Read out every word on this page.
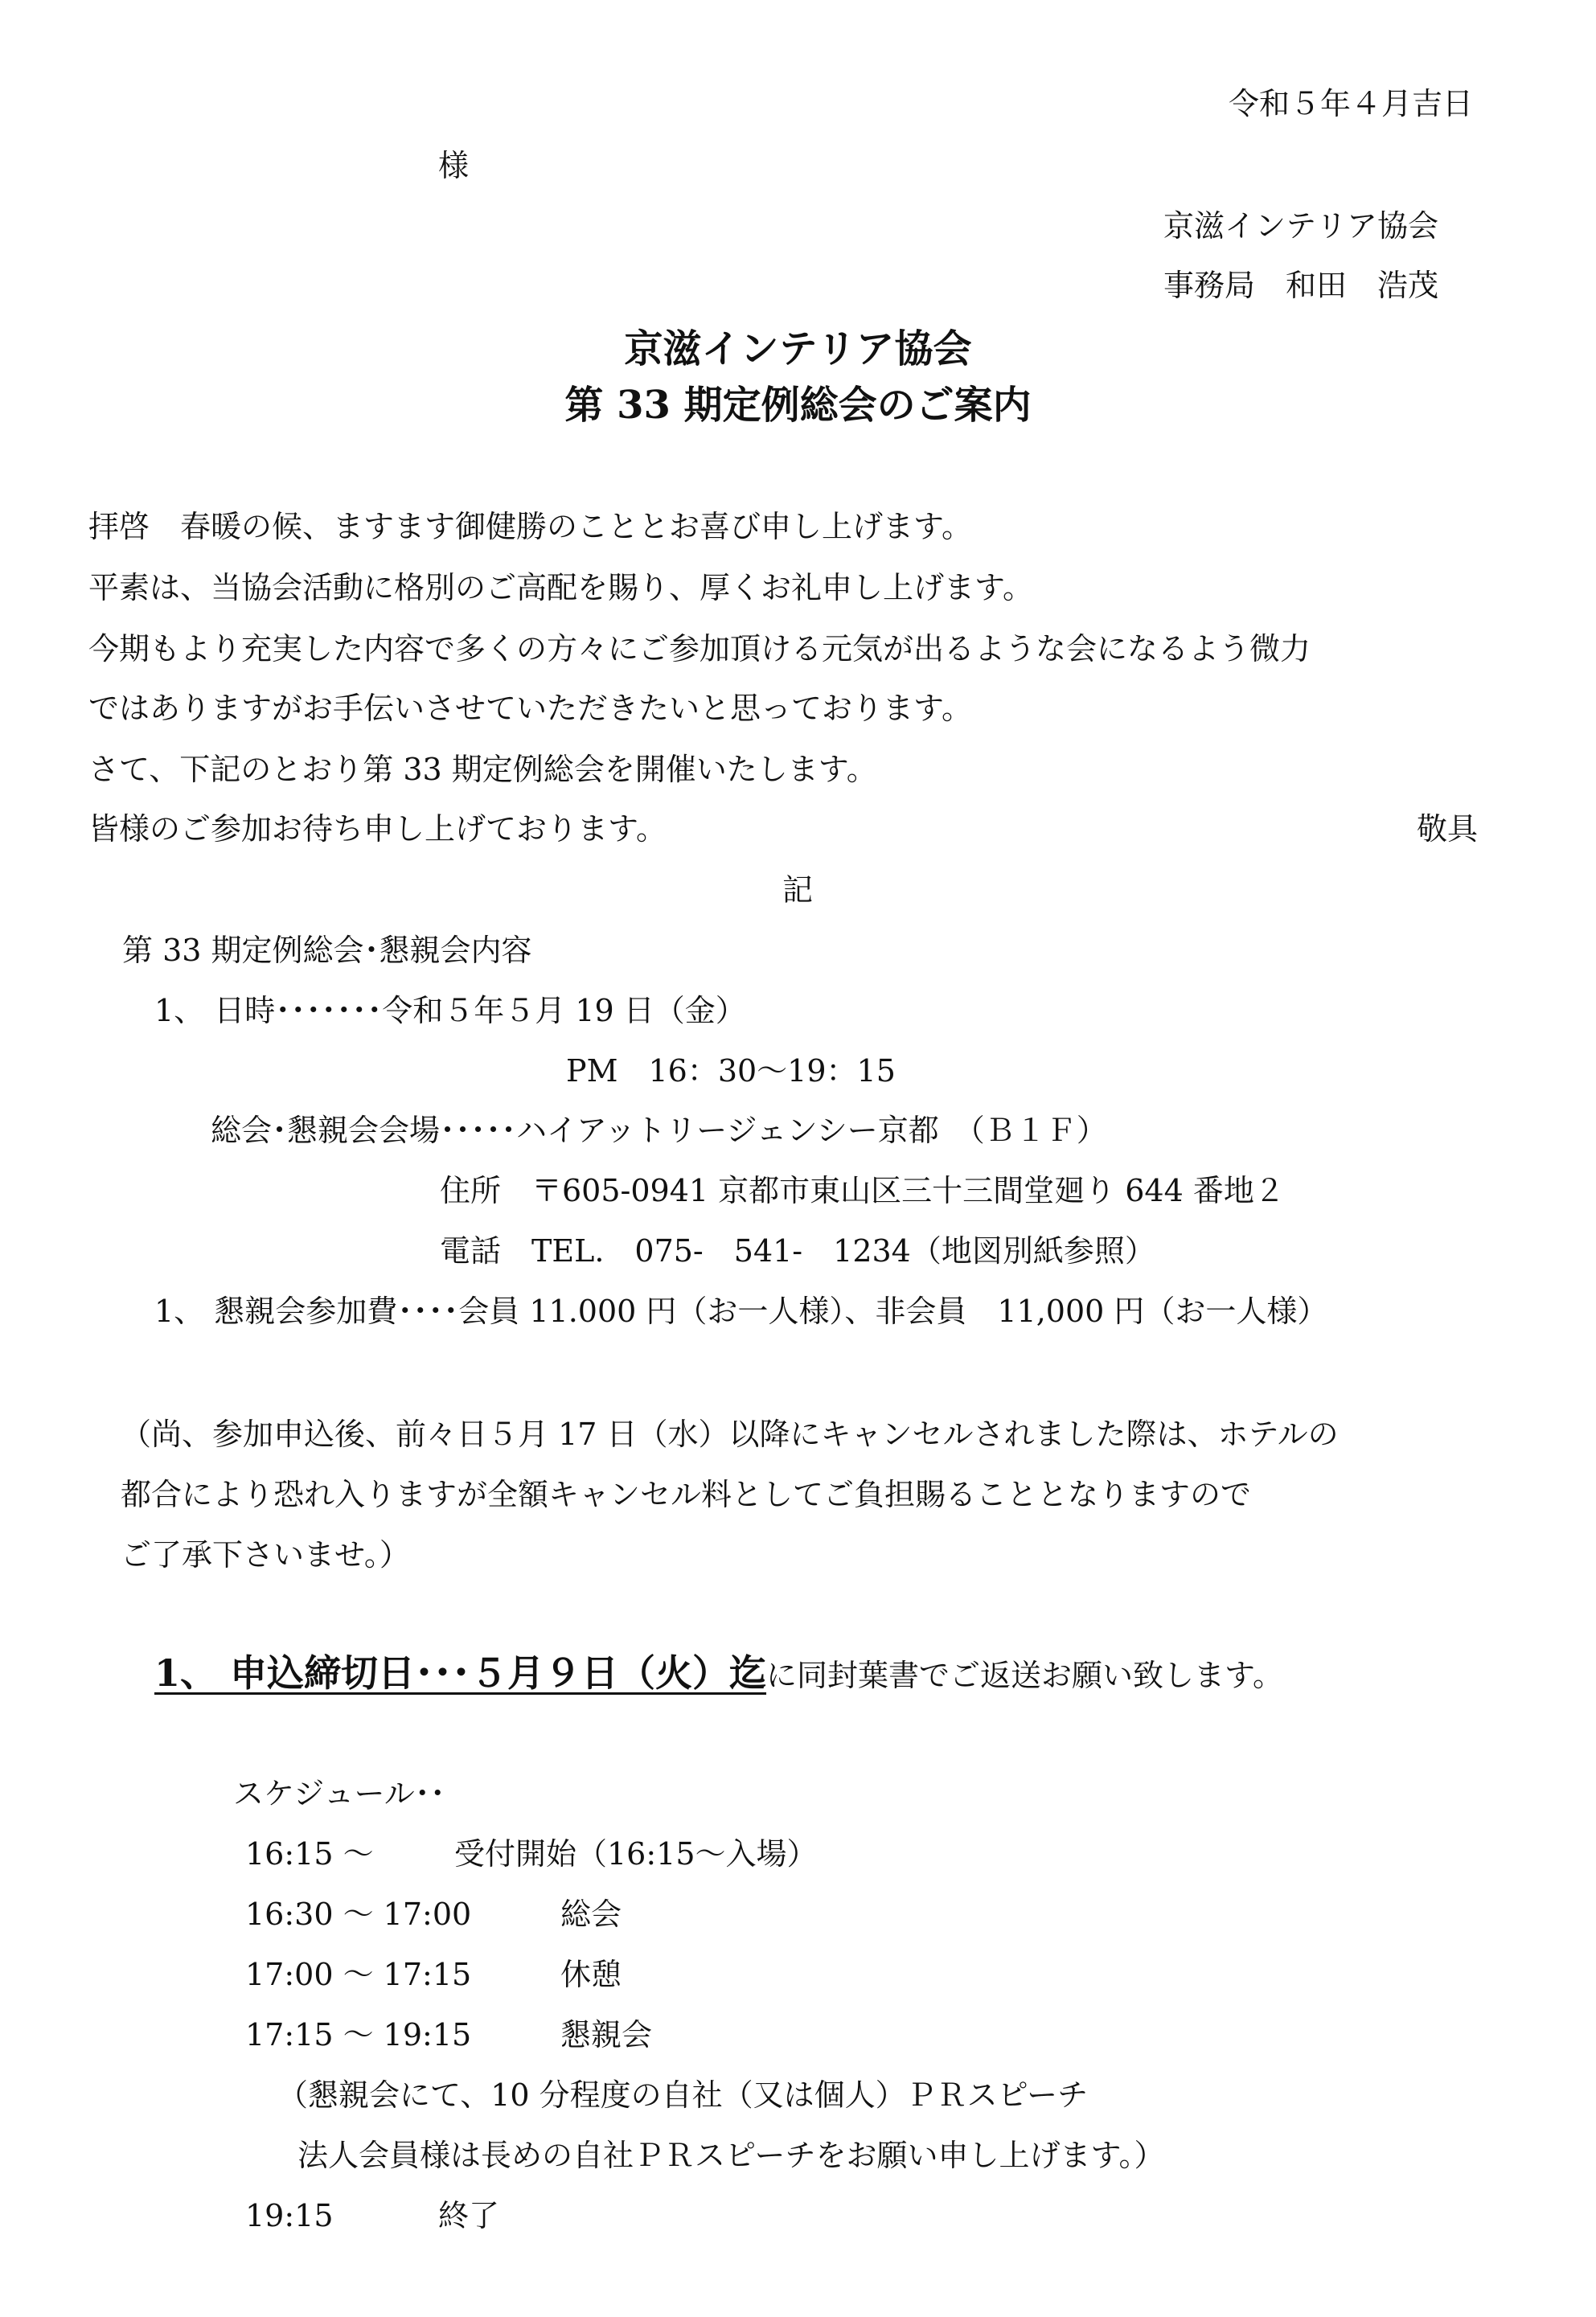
令和５年４月吉日
様
京滋インテリア協会
事務局　和田　浩茂
京滋インテリア協会
第 33 期定例総会のご案内
拝啓　春暖の候、ますます御健勝のこととお喜び申し上げます。
平素は、当協会活動に格別のご高配を賜り、厚くお礼申し上げます。
今期もより充実した内容で多くの方々にご参加頂ける元気が出るような会になるよう微力
ではありますがお手伝いさせていただきたいと思っております。
さて、下記のとおり第 33 期定例総会を開催いたします。
皆様のご参加お待ち申し上げております。	敬具
記
第 33 期定例総会･懇親会内容
1、 日時･･･････令和５年５月 19 日（金）
PM　16：30～19：15
総会･懇親会会場･････ハイアットリージェンシー京都　（Ｂ１Ｆ）
住所　〒605-0941 京都市東山区三十三間堂廻り 644 番地２
電話　TEL.　075-　541-　1234（地図別紙参照）
1、 懇親会参加費････会員 11.000 円（お一人様）、非会員　11,000 円（お一人様）
（尚、参加申込後、前々日５月 17 日（水）以降にキャンセルされました際は、ホテルの
都合により恐れ入りますが全額キャンセル料としてご負担賜ることとなりますので
ご了承下さいませ。）
1、 申込締切日･･･５月９日（火）迄に同封葉書でご返送お願い致します。
スケジュール･･
16:15 ～	受付開始（16:15～入場）
16:30 ～ 17:00	総会
17:00 ～ 17:15	休憩
17:15 ～ 19:15	懇親会
（懇親会にて、10 分程度の自社（又は個人）ＰＲスピーチ
法人会員様は長めの自社ＰＲスピーチをお願い申し上げます。）
19:15	終了
